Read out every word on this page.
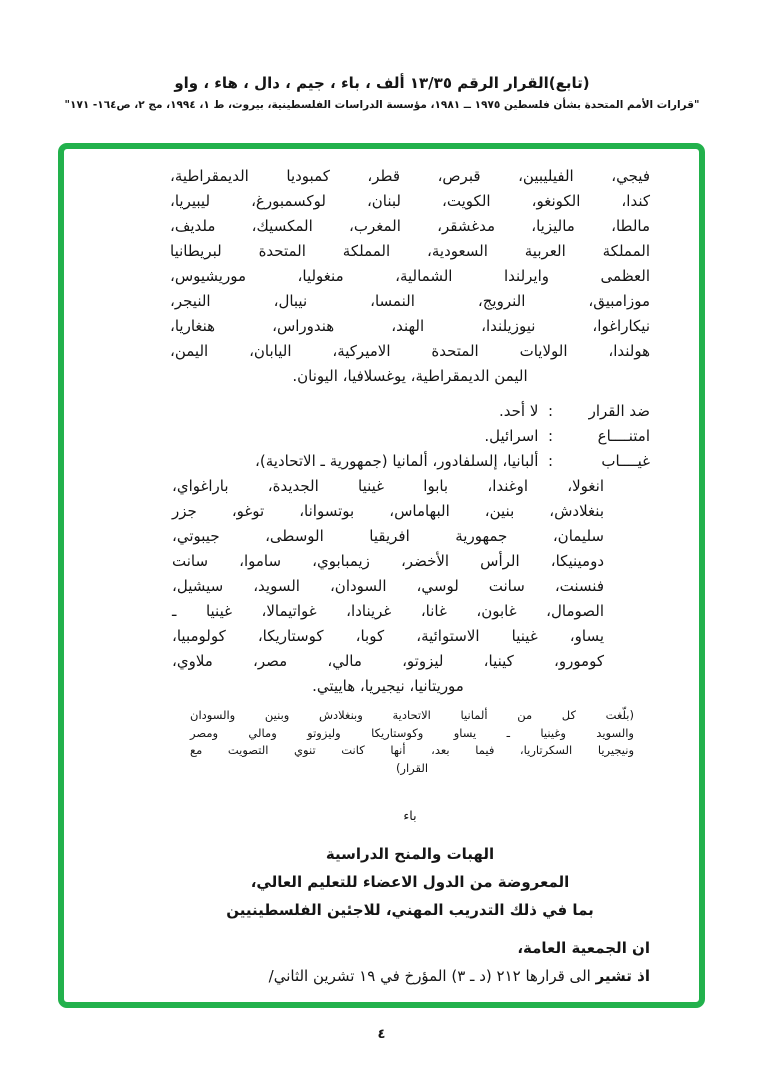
(تابع)القرار الرقم ١٣/٣٥ ألف ، باء ، جيم ، دال ، هاء ، واو
"قرارات الأمم المتحدة بشأن فلسطين ١٩٧٥ ــ ١٩٨١، مؤسسة الدراسات الفلسطينية، بيروت، ط ١، ١٩٩٤، مج ٢، ص١٦٤- ١٧١"
فيجي، الفيليبين، قبرص، قطر، كمبوديا الديمقراطية،
كندا، الكونغو، الكويت، لبنان، لوكسمبورغ، ليبيريا،
مالطا، ماليزيا، مدغشقر، المغرب، المكسيك، ملديف،
المملكة العربية السعودية، المملكة المتحدة لبريطانيا
العظمى وايرلندا الشمالية، منغوليا، موريشيوس،
موزامبيق، النرويج، النمسا، نيبال، النيجر،
نيكاراغوا، نيوزيلندا، الهند، هندوراس، هنغاريا،
هولندا، الولايات المتحدة الاميركية، اليابان، اليمن،
اليمن الديمقراطية، يوغسلافيا، اليونان.
ضد القرار:  لا أحد.
امتنــــاع:  اسرائيل.
غيــــاب:  ألبانيا، إلسلفادور، ألمانيا (جمهورية ـ الاتحادية)،
انغولا، اوغندا، بابوا غينيا الجديدة، باراغواي،
بنغلادش، بنين، البهاماس، بوتسوانا، توغو، جزر
سليمان، جمهورية افريقيا الوسطى، جيبوتي،
دومينيكا، الرأس الأخضر، زيمبابوي، ساموا، سانت
فنسنت، سانت لوسي، السودان، السويد، سيشيل،
الصومال، غابون، غانا، غرينادا، غواتيمالا، غينيا ـ
يساو، غينيا الاستوائية، كوبا، كوستاريكا، كولومبيا،
كومورو، كينيا، ليزوتو، مالي، مصر، ملاوي،
موريتانيا، نيجيريا، هاييتي.
(بلّغت كل من ألمانيا الاتحادية وبنغلادش وبنين والسودان
والسويد وغينيا ـ يساو وكوستاريكا وليزوتو ومالي ومصر
ونيجيريا السكرتاريا، فيما بعد، أنها كانت تنوي التصويت مع
القرار)
باء
الهبات والمنح الدراسية
المعروضة من الدول الاعضاء للتعليم العالي،
بما في ذلك التدريب المهني، للاجئين الفلسطينيين
ان الجمعية العامة،
اذ تشير الى قرارها ٢١٢ (د ـ ٣) المؤرخ في ١٩ تشرين الثاني/
٤
